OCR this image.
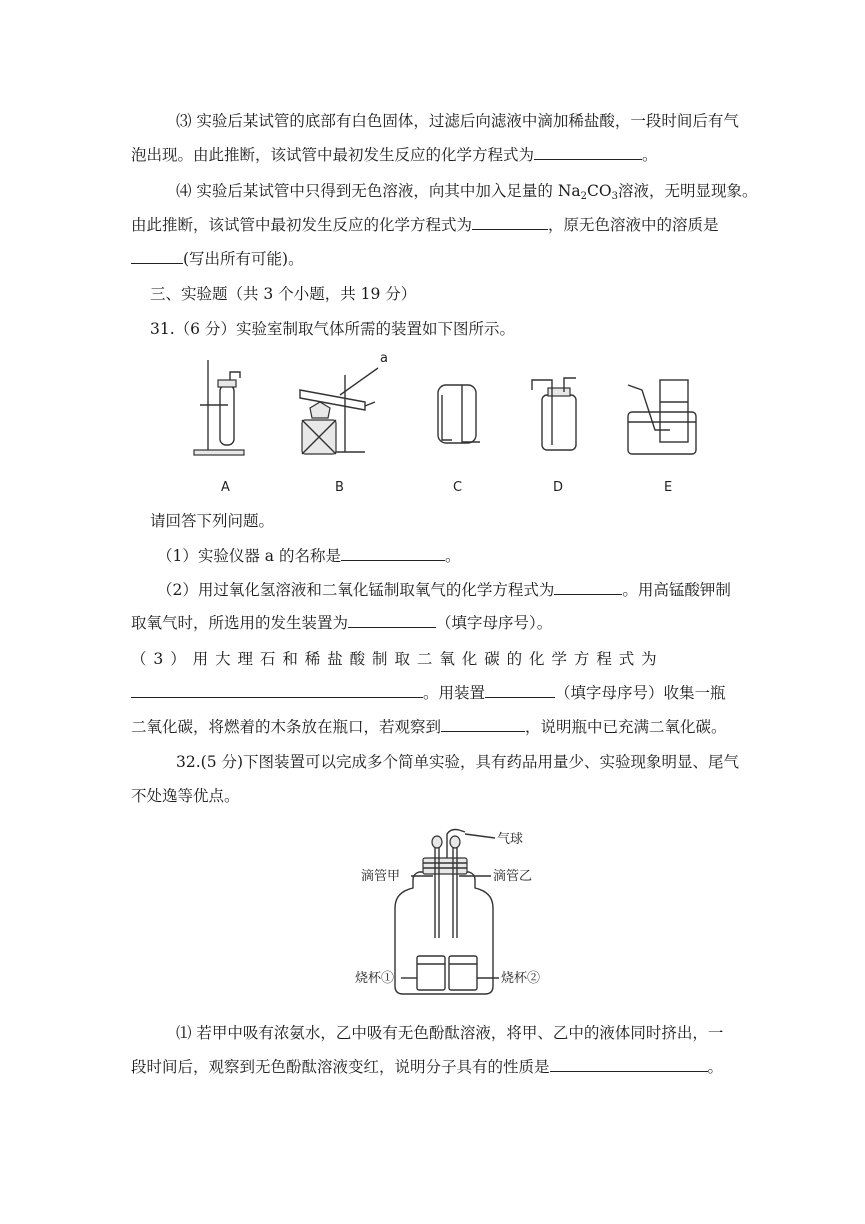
⑶ 实验后某试管的底部有白色固体，过滤后向滤液中滴加稀盐酸，一段时间后有气
泡出现。由此推断，该试管中最初发生反应的化学方程式为	。
⑷ 实验后某试管中只得到无色溶液，向其中加入足量的 $Na_2CO_3$溶液，无明显现象。
由此推断，该试管中最初发生反应的化学方程式为	，原无色溶液中的溶质是
(写出所有可能)。
三、实验题（共 3 个小题，共 19 分）
31.（6 分）实验室制取气体所需的装置如下图所示。
a
A	B	C	D	E
请回答下列问题。
（1）实验仪器 a 的名称是	。
（2）用过氧化氢溶液和二氧化锰制取氧气的化学方程式为	。用高锰酸钾制
取氧气时，所选用的发生装置为	（填字母序号）。
（ 3 ） 用 大 理 石 和 稀 盐 酸 制 取 二 氧 化 碳 的 化 学 方 程 式 为
。用装置	（填字母序号）收集一瓶
二氧化碳，将燃着的木条放在瓶口，若观察到	，说明瓶中已充满二氧化碳。
32.(5 分)下图装置可以完成多个简单实验，具有药品用量少、实验现象明显、尾气
不处逸等优点。
气球
滴管甲	滴管乙
烧杯①	烧杯②
⑴ 若甲中吸有浓氨水，乙中吸有无色酚酞溶液，将甲、乙中的液体同时挤出，一
段时间后，观察到无色酚酞溶液变红，说明分子具有的性质是	。
